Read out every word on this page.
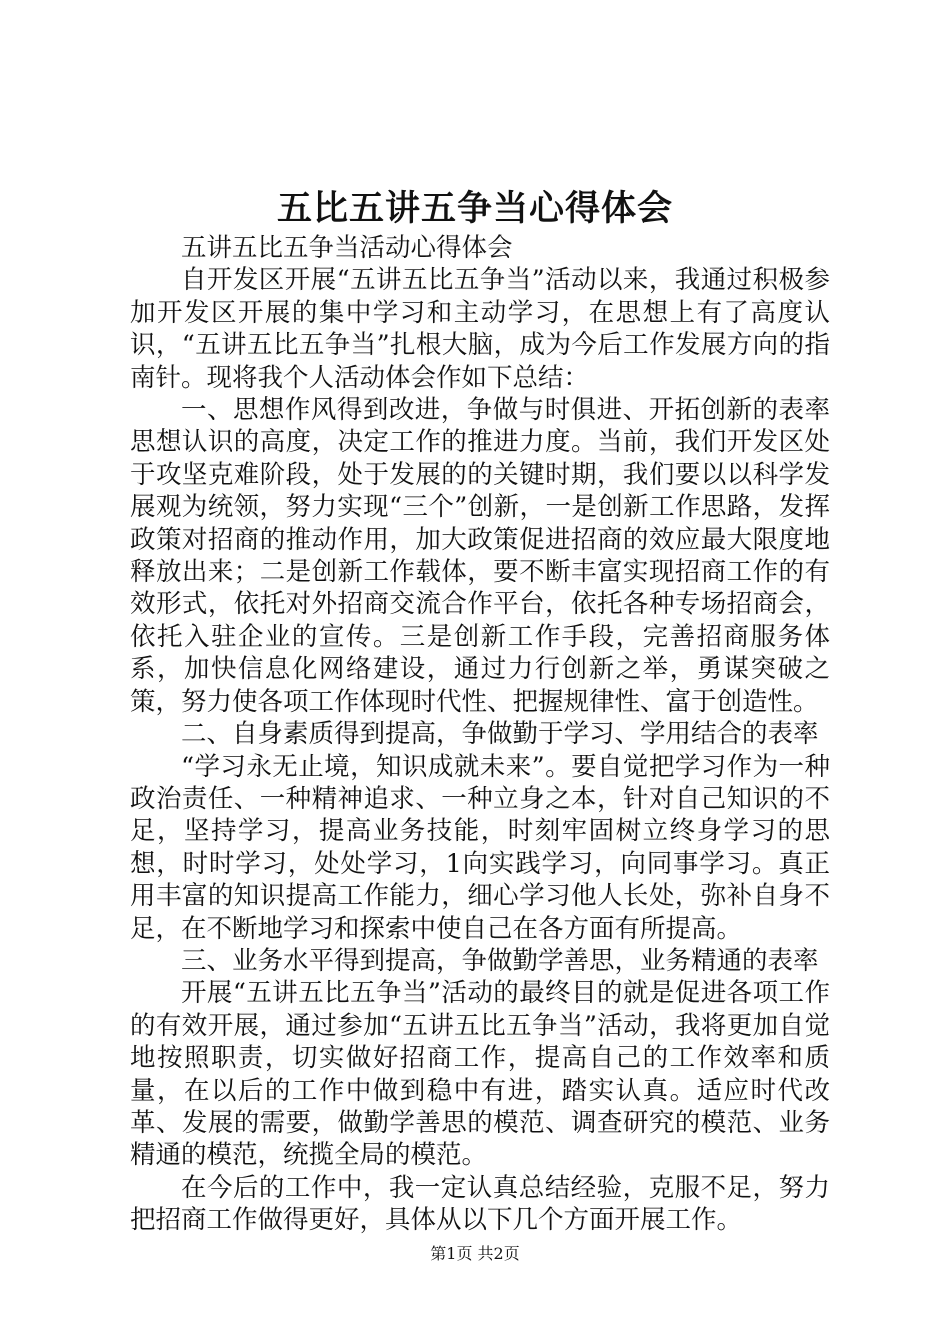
五比五讲五争当心得体会

五讲五比五争当活动心得体会

自开发区开展“五讲五比五争当”活动以来，我通过积极参加开发区开展的集中学习和主动学习，在思想上有了高度认识，“五讲五比五争当”扎根大脑，成为今后工作发展方向的指南针。现将我个人活动体会作如下总结：

一、思想作风得到改进，争做与时俱进、开拓创新的表率思想认识的高度，决定工作的推进力度。当前，我们开发区处于攻坚克难阶段，处于发展的的关键时期，我们要以以科学发展观为统领，努力实现“三个”创新，一是创新工作思路，发挥政策对招商的推动作用，加大政策促进招商的效应最大限度地释放出来；二是创新工作载体，要不断丰富实现招商工作的有效形式，依托对外招商交流合作平台，依托各种专场招商会，依托入驻企业的宣传。三是创新工作手段，完善招商服务体系，加快信息化网络建设，通过力行创新之举，勇谋突破之策，努力使各项工作体现时代性、把握规律性、富于创造性。

二、自身素质得到提高，争做勤于学习、学用结合的表率

“学习永无止境，知识成就未来”。要自觉把学习作为一种政治责任、一种精神追求、一种立身之本，针对自己知识的不足，坚持学习，提高业务技能，时刻牢固树立终身学习的思想，时时学习，处处学习，1向实践学习，向同事学习。真正用丰富的知识提高工作能力，细心学习他人长处，弥补自身不足，在不断地学习和探索中使自己在各方面有所提高。

三、业务水平得到提高，争做勤学善思，业务精通的表率

开展“五讲五比五争当”活动的最终目的就是促进各项工作的有效开展，通过参加“五讲五比五争当”活动，我将更加自觉地按照职责，切实做好招商工作，提高自己的工作效率和质量，在以后的工作中做到稳中有进，踏实认真。适应时代改革、发展的需要，做勤学善思的模范、调查研究的模范、业务精通的模范，统揽全局的模范。

在今后的工作中，我一定认真总结经验，克服不足，努力把招商工作做得更好，具体从以下几个方面开展工作。

第1页 共2页
